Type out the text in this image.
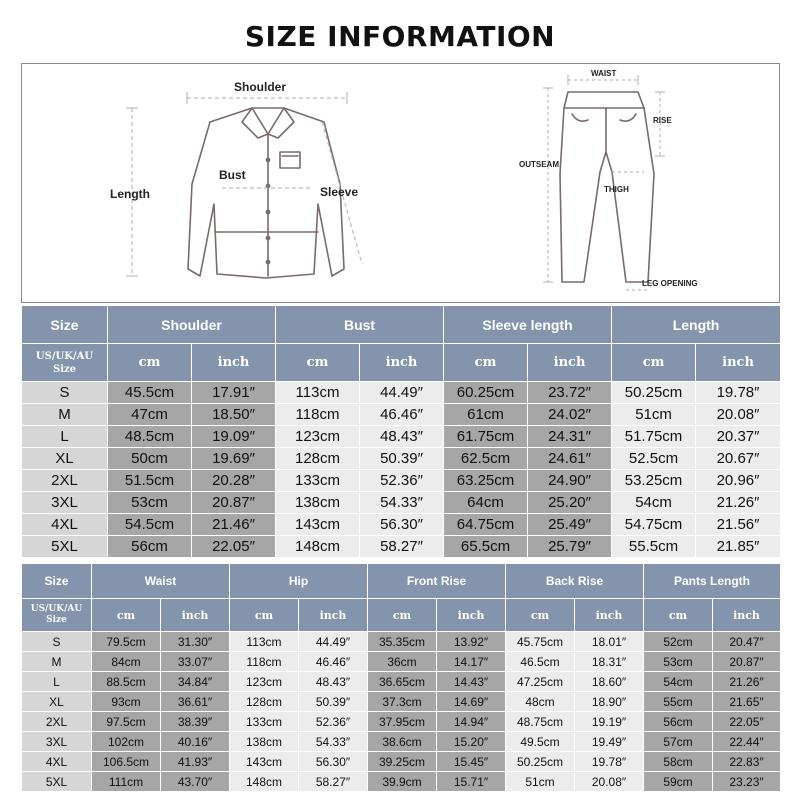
SIZE INFORMATION
Shoulder
Bust
Length	Sleeve
WAIST
RISE
OUTSEAM
THIGH
LEG OPENING
Size	Shoulder		Bust		Sleeve length		Length	
US/UK/AU
Size	cm	inch	cm	inch	cm	inch	cm	inch
S	45.5cm	17.91″	113cm	44.49″	60.25cm	23.72″	50.25cm	19.78″
M	47cm	18.50″	118cm	46.46″	61cm	24.02″	51cm	20.08″
L	48.5cm	19.09″	123cm	48.43″	61.75cm	24.31″	51.75cm	20.37″
XL	50cm	19.69″	128cm	50.39″	62.5cm	24.61″	52.5cm	20.67″
2XL	51.5cm	20.28″	133cm	52.36″	63.25cm	24.90″	53.25cm	20.96″
3XL	53cm	20.87″	138cm	54.33″	64cm	25.20″	54cm	21.26″
4XL	54.5cm	21.46″	143cm	56.30″	64.75cm	25.49″	54.75cm	21.56″
5XL	56cm	22.05″	148cm	58.27″	65.5cm	25.79″	55.5cm	21.85″
Size	Waist		Hip		Front Rise		Back Rise		Pants Length	
US/UK/AU
Size	cm	inch	cm	inch	cm	inch	cm	inch	cm	inch
S	79.5cm	31.30″	113cm	44.49″	35.35cm	13.92″	45.75cm	18.01″	52cm	20.47″
M	84cm	33.07″	118cm	46.46″	36cm	14.17″	46.5cm	18.31″	53cm	20.87″
L	88.5cm	34.84″	123cm	48.43″	36.65cm	14.43″	47.25cm	18.60″	54cm	21.26″
XL	93cm	36.61″	128cm	50.39″	37.3cm	14.69″	48cm	18.90″	55cm	21.65″
2XL	97.5cm	38.39″	133cm	52.36″	37.95cm	14.94″	48.75cm	19.19″	56cm	22.05″
3XL	102cm	40.16″	138cm	54.33″	38.6cm	15.20″	49.5cm	19.49″	57cm	22.44″
4XL	106.5cm	41.93″	143cm	56.30″	39.25cm	15.45″	50.25cm	19.78″	58cm	22.83″
5XL	111cm	43.70″	148cm	58.27″	39.9cm	15.71″	51cm	20.08″	59cm	23.23″
